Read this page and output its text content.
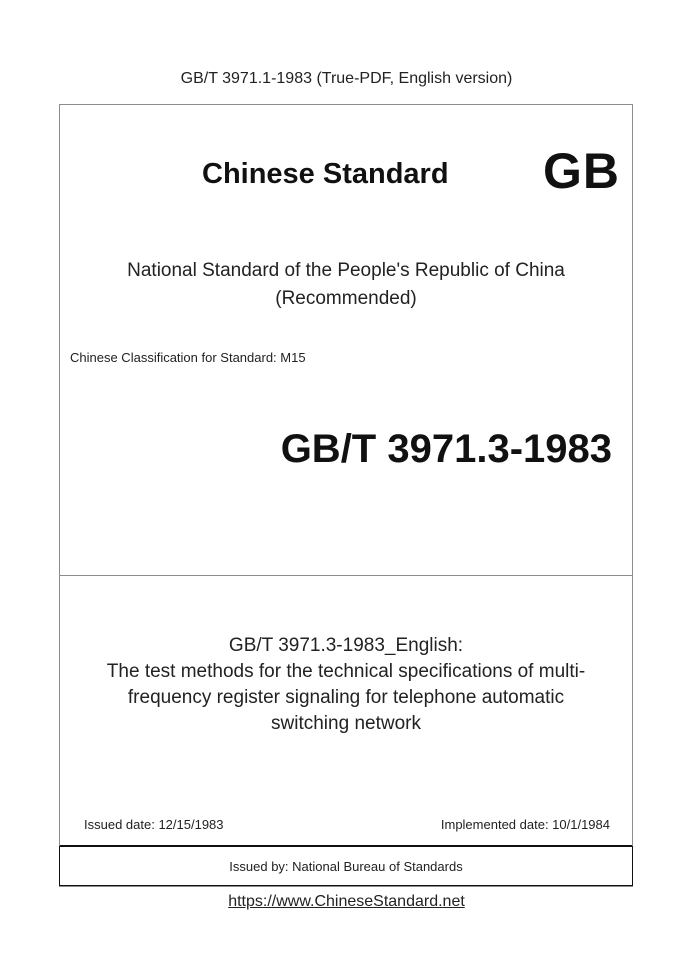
GB/T 3971.1-1983 (True-PDF, English version)
Chinese Standard GB
National Standard of the People's Republic of China
(Recommended)
Chinese Classification for Standard: M15
GB/T 3971.3-1983
GB/T 3971.3-1983_English:
The test methods for the technical specifications of multi-
frequency register signaling for telephone automatic
switching network
Issued date: 12/15/1983	Implemented date: 10/1/1984
Issued by: National Bureau of Standards
https://www.ChineseStandard.net
